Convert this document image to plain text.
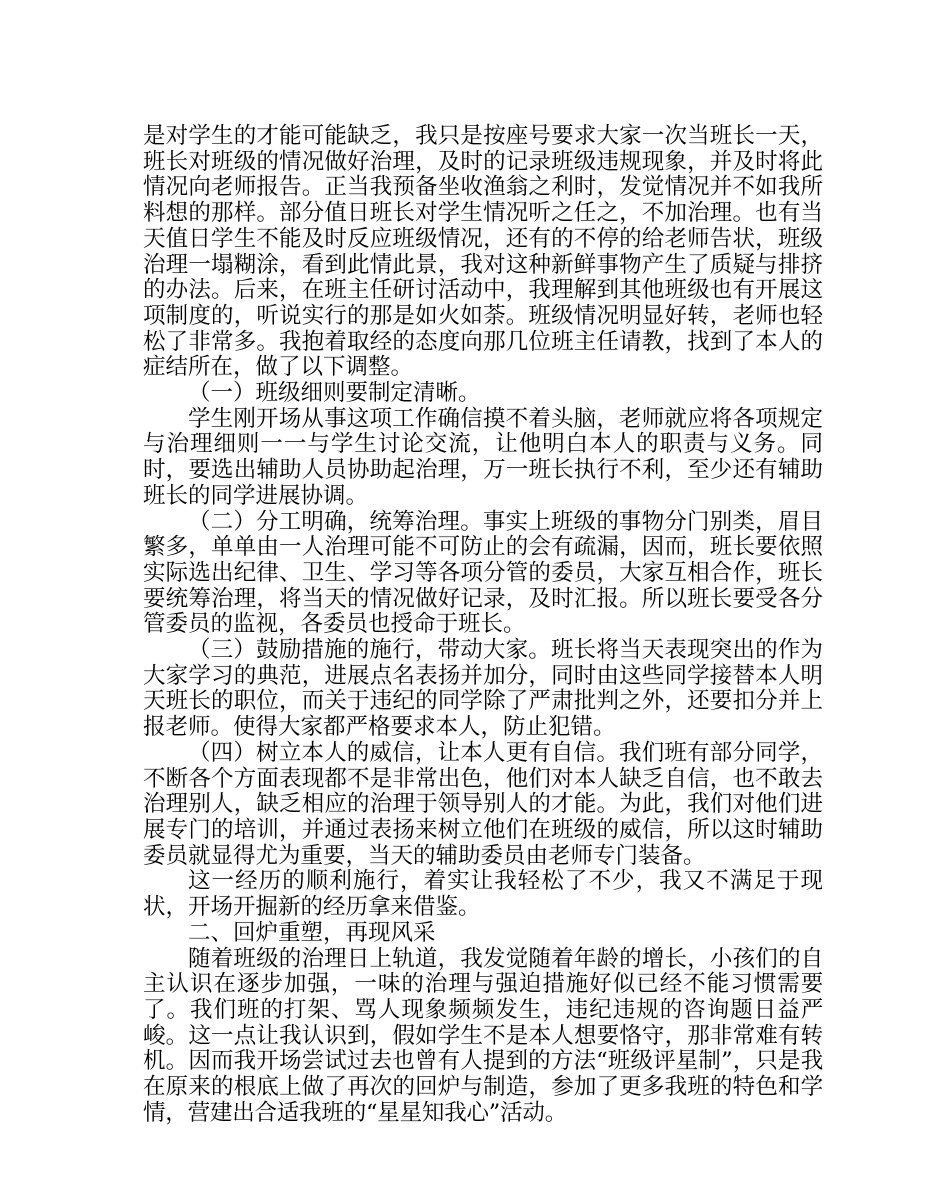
是对学生的才能可能缺乏，我只是按座号要求大家一次当班长一天，班长对班级的情况做好治理，及时的记录班级违规现象，并及时将此情况向老师报告。正当我预备坐收渔翁之利时，发觉情况并不如我所料想的那样。部分值日班长对学生情况听之任之，不加治理。也有当天值日学生不能及时反应班级情况，还有的不停的给老师告状，班级治理一塌糊涂，看到此情此景，我对这种新鲜事物产生了质疑与排挤的办法。后来，在班主任研讨活动中，我理解到其他班级也有开展这项制度的，听说实行的那是如火如荼。班级情况明显好转，老师也轻松了非常多。我抱着取经的态度向那几位班主任请教，找到了本人的症结所在，做了以下调整。

（一）班级细则要制定清晰。

学生刚开场从事这项工作确信摸不着头脑，老师就应将各项规定与治理细则一一与学生讨论交流，让他明白本人的职责与义务。同时，要选出辅助人员协助起治理，万一班长执行不利，至少还有辅助班长的同学进展协调。

（二）分工明确，统筹治理。事实上班级的事物分门别类，眉目繁多，单单由一人治理可能不可防止的会有疏漏，因而，班长要依照实际选出纪律、卫生、学习等各项分管的委员，大家互相合作，班长要统筹治理，将当天的情况做好记录，及时汇报。所以班长要受各分管委员的监视，各委员也授命于班长。

（三）鼓励措施的施行，带动大家。班长将当天表现突出的作为大家学习的典范，进展点名表扬并加分，同时由这些同学接替本人明天班长的职位，而关于违纪的同学除了严肃批判之外，还要扣分并上报老师。使得大家都严格要求本人，防止犯错。

（四）树立本人的威信，让本人更有自信。我们班有部分同学，不断各个方面表现都不是非常出色，他们对本人缺乏自信，也不敢去治理别人，缺乏相应的治理于领导别人的才能。为此，我们对他们进展专门的培训，并通过表扬来树立他们在班级的威信，所以这时辅助委员就显得尤为重要，当天的辅助委员由老师专门装备。

这一经历的顺利施行，着实让我轻松了不少，我又不满足于现状，开场开掘新的经历拿来借鉴。

二、回炉重塑，再现风采

随着班级的治理日上轨道，我发觉随着年龄的增长，小孩们的自主认识在逐步加强，一味的治理与强迫措施好似已经不能习惯需要了。我们班的打架、骂人现象频频发生，违纪违规的咨询题日益严峻。这一点让我认识到，假如学生不是本人想要恪守，那非常难有转机。因而我开场尝试过去也曾有人提到的方法“班级评星制”，只是我在原来的根底上做了再次的回炉与制造，参加了更多我班的特色和学情，营建出合适我班的“星星知我心”活动。
